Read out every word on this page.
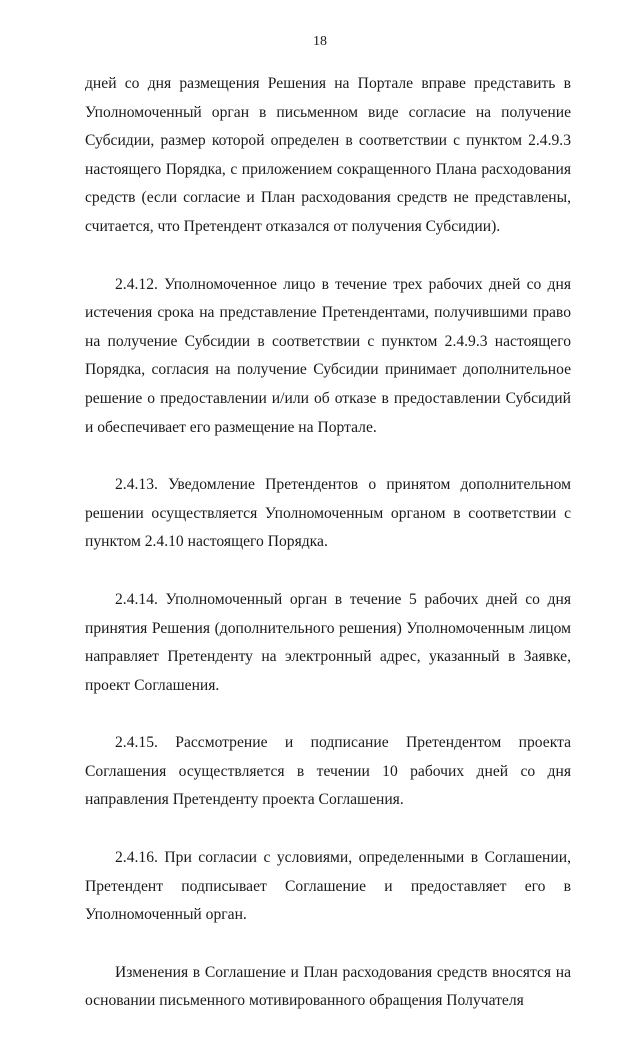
18

дней со дня размещения Решения на Портале вправе представить в Уполномоченный орган в письменном виде согласие на получение Субсидии, размер которой определен в соответствии с пунктом 2.4.9.3 настоящего Порядка, с приложением сокращенного Плана расходования средств (если согласие и План расходования средств не представлены, считается, что Претендент отказался от получения Субсидии).

2.4.12. Уполномоченное лицо в течение трех рабочих дней со дня истечения срока на представление Претендентами, получившими право на получение Субсидии в соответствии с пунктом 2.4.9.3 настоящего Порядка, согласия на получение Субсидии принимает дополнительное решение о предоставлении и/или об отказе в предоставлении Субсидий и обеспечивает его размещение на Портале.

2.4.13. Уведомление Претендентов о принятом дополнительном решении осуществляется Уполномоченным органом в соответствии с пунктом 2.4.10 настоящего Порядка.

2.4.14. Уполномоченный орган в течение 5 рабочих дней со дня принятия Решения (дополнительного решения) Уполномоченным лицом направляет Претенденту на электронный адрес, указанный в Заявке, проект Соглашения.

2.4.15. Рассмотрение и подписание Претендентом проекта Соглашения осуществляется в течении 10 рабочих дней со дня направления Претенденту проекта Соглашения.

2.4.16. При согласии с условиями, определенными в Соглашении, Претендент подписывает Соглашение и предоставляет его в Уполномоченный орган.

Изменения в Соглашение и План расходования средств вносятся на основании письменного мотивированного обращения Получателя
